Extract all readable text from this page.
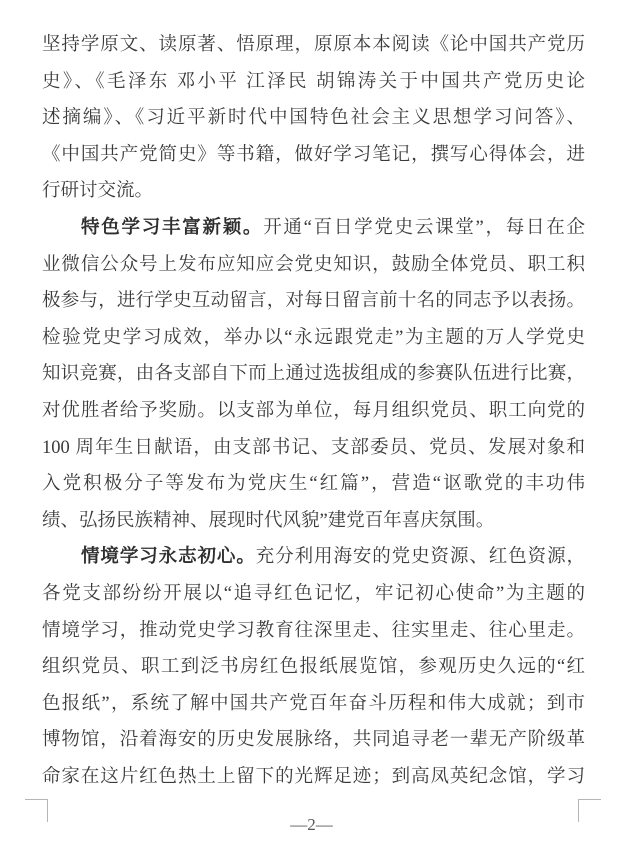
坚持学原文、读原著、悟原理，原原本本阅读《论中国共产党历
史》、《毛泽东 邓小平 江泽民 胡锦涛关于中国共产党历史论
述摘编》、《习近平新时代中国特色社会主义思想学习问答》、
《中国共产党简史》等书籍，做好学习笔记，撰写心得体会，进
行研讨交流。
特色学习丰富新颖。开通“百日学党史云课堂”，每日在企
业微信公众号上发布应知应会党史知识，鼓励全体党员、职工积
极参与，进行学史互动留言，对每日留言前十名的同志予以表扬。
检验党史学习成效，举办以“永远跟党走”为主题的万人学党史
知识竞赛，由各支部自下而上通过选拔组成的参赛队伍进行比赛，
对优胜者给予奖励。以支部为单位，每月组织党员、职工向党的
100 周年生日献语，由支部书记、支部委员、党员、发展对象和
入党积极分子等发布为党庆生“红篇”，营造“讴歌党的丰功伟
绩、弘扬民族精神、展现时代风貌”建党百年喜庆氛围。
情境学习永志初心。充分利用海安的党史资源、红色资源，
各党支部纷纷开展以“追寻红色记忆，牢记初心使命”为主题的
情境学习，推动党史学习教育往深里走、往实里走、往心里走。
组织党员、职工到泛书房红色报纸展览馆，参观历史久远的“红
色报纸”，系统了解中国共产党百年奋斗历程和伟大成就；到市
博物馆，沿着海安的历史发展脉络，共同追寻老一辈无产阶级革
命家在这片红色热土上留下的光辉足迹；到高凤英纪念馆，学习
—2—
